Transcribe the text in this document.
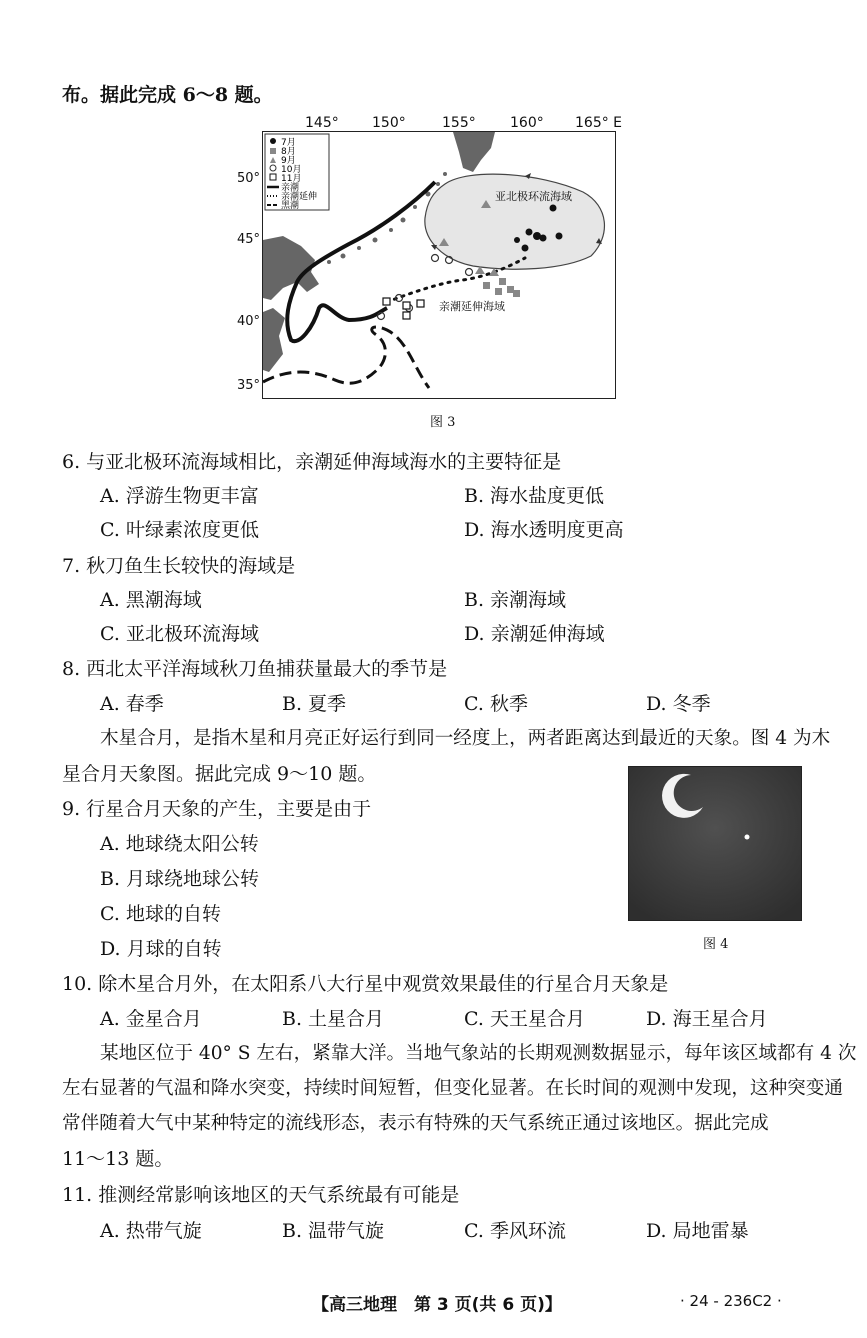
布。据此完成 6～8 题。
145° 150°	155° 160° 165° E
50°
45°
40°
35°
亚北极环流海域
亲潮延伸海域
7月
8月
9月
10月
11月
亲潮
亲潮延伸
黑潮
图 3
6. 与亚北极环流海域相比，亲潮延伸海域海水的主要特征是
A. 浮游生物更丰富	B. 海水盐度更低
C. 叶绿素浓度更低	D. 海水透明度更高
7. 秋刀鱼生长较快的海域是
A. 黑潮海域	B. 亲潮海域
C. 亚北极环流海域	D. 亲潮延伸海域
8. 西北太平洋海域秋刀鱼捕获量最大的季节是
A. 春季	B. 夏季	C. 秋季	D. 冬季
木星合月，是指木星和月亮正好运行到同一经度上，两者距离达到最近的天象。图 4 为木
星合月天象图。据此完成 9～10 题。
图 4
9. 行星合月天象的产生，主要是由于
A. 地球绕太阳公转
B. 月球绕地球公转
C. 地球的自转
D. 月球的自转
10. 除木星合月外，在太阳系八大行星中观赏效果最佳的行星合月天象是
A. 金星合月	B. 土星合月	C. 天王星合月	D. 海王星合月
某地区位于 40° S 左右，紧靠大洋。当地气象站的长期观测数据显示，每年该区域都有 4 次
左右显著的气温和降水突变，持续时间短暂，但变化显著。在长时间的观测中发现，这种突变通
常伴随着大气中某种特定的流线形态，表示有特殊的天气系统正通过该地区。据此完成
11～13 题。
11. 推测经常影响该地区的天气系统最有可能是
A. 热带气旋	B. 温带气旋	C. 季风环流	D. 局地雷暴
【高三地理　第 3 页(共 6 页)】	· 24 - 236C2 ·
